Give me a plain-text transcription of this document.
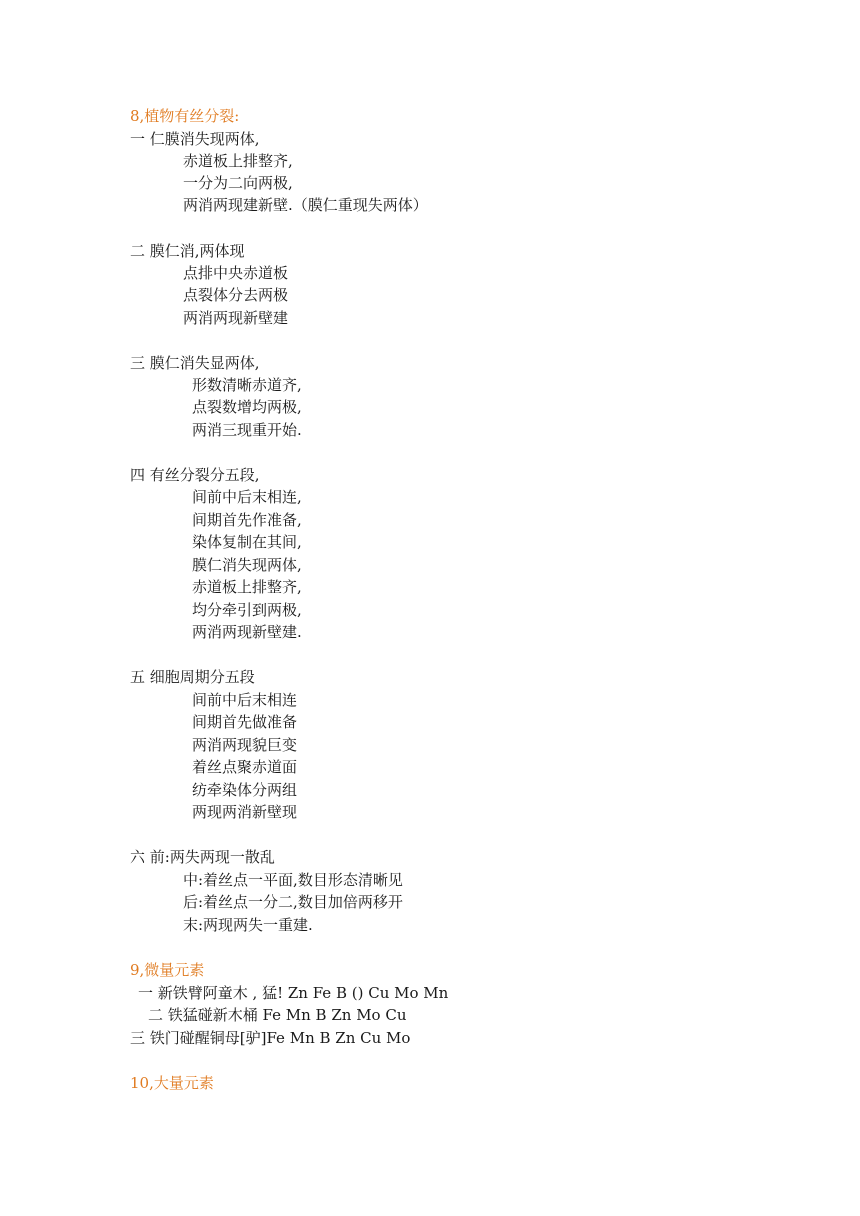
8,植物有丝分裂:
一 仁膜消失现两体,
赤道板上排整齐,
一分为二向两极,
两消两现建新壁.（膜仁重现失两体）
二 膜仁消,两体现
点排中央赤道板
点裂体分去两极
两消两现新壁建
三 膜仁消失显两体,
形数清晰赤道齐,
点裂数增均两极,
两消三现重开始.
四 有丝分裂分五段,
间前中后末相连,
间期首先作准备,
染体复制在其间,
膜仁消失现两体,
赤道板上排整齐,
均分牵引到两极,
两消两现新壁建.
五 细胞周期分五段
间前中后末相连
间期首先做准备
两消两现貌巨变
着丝点聚赤道面
纺牵染体分两组
两现两消新壁现
六 前:两失两现一散乱
中:着丝点一平面,数目形态清晰见
后:着丝点一分二,数目加倍两移开
末:两现两失一重建.
9,微量元素
一 新铁臂阿童木 , 猛! Zn Fe B () Cu Mo Mn
二 铁猛碰新木桶 Fe Mn B Zn Mo Cu
三 铁门碰醒铜母[驴]Fe Mn B Zn Cu Mo
10,大量元素
